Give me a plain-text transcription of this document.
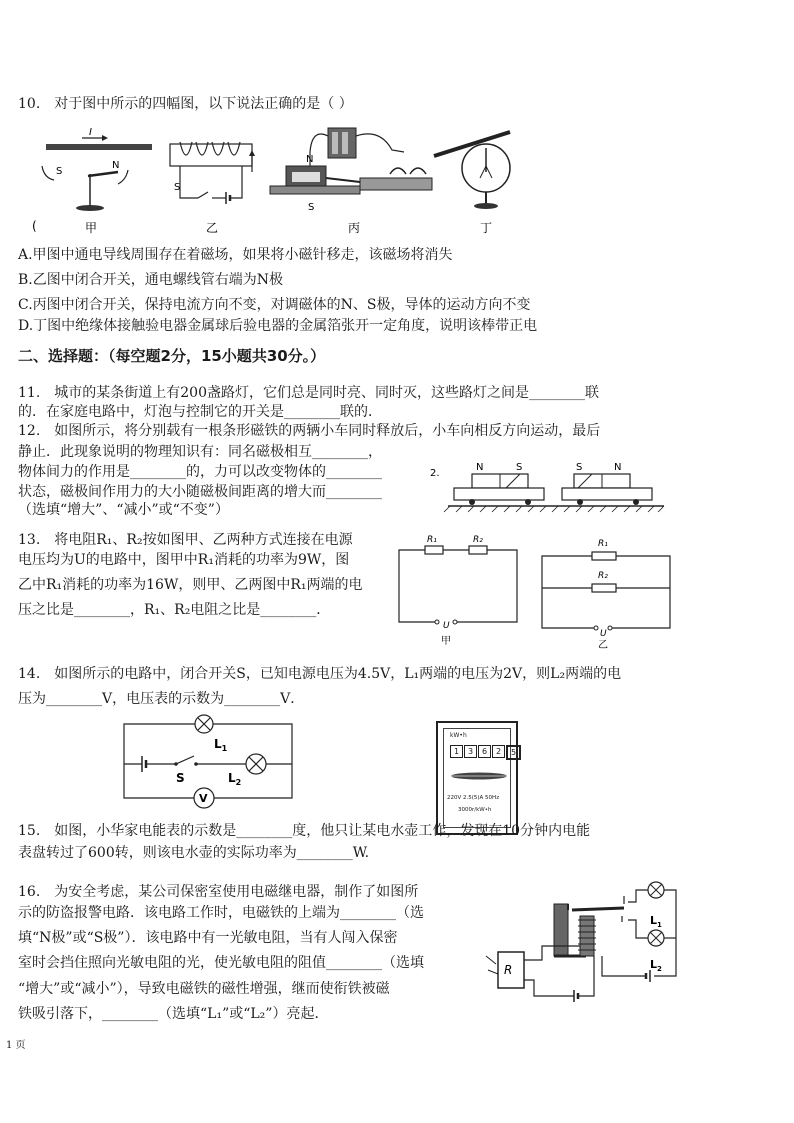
10.　对于图中所示的四幅图，以下说法正确的是（ ）
I
S
N
甲
S
乙
N
S
丙	丁
(
A.甲图中通电导线周围存在着磁场，如果将小磁针移走，该磁场将消失
B.乙图中闭合开关，通电螺线管右端为N极
C.丙图中闭合开关，保持电流方向不变，对调磁体的N、S极，导体的运动方向不变
D.丁图中绝缘体接触验电器金属球后验电器的金属箔张开一定角度，说明该棒带正电
二、选择题：（每空题2分，15小题共30分。）
11.　城市的某条街道上有200盏路灯，它们总是同时亮、同时灭，这些路灯之间是________联
的．在家庭电路中，灯泡与控制它的开关是________联的．
12.　如图所示，将分别载有一根条形磁铁的两辆小车同时释放后，小车向相反方向运动，最后
静止．此现象说明的物理知识有：同名磁极相互________，
物体间力的作用是________的，力可以改变物体的________
状态，磁极间作用力的大小随磁极间距离的增大而________
（选填“增大”、“减小”或“不变”）
2.
N	S	S	N
13.　将电阻R₁、R₂按如图甲、乙两种方式连接在电源
电压均为U的电路中，图甲中R₁消耗的功率为9W，图
乙中R₁消耗的功率为16W，则甲、乙两图中R₁两端的电
压之比是________，R₁、R₂电阻之比是________．
R₁	R₂
U
甲
R₁
R₂
U
乙
14.　如图所示的电路中，闭合开关S，已知电源电压为4.5V，L₁两端的电压为2V，则L₂两端的电
压为________V，电压表的示数为________V．
V
$L_1$
S	$L_2$
kW•h
1	3	6	2	5
220V 2.5(5)A 50Hz
3000r/kW•h
15.　如图，小华家电能表的示数是________度，他只让某电水壶工作，发现在10分钟内电能
表盘转过了600转，则该电水壶的实际功率为________W.
16.　为安全考虑，某公司保密室使用电磁继电器，制作了如图所
示的防盗报警电路．该电路工作时，电磁铁的上端为________（选
填“N极”或“S极”）．该电路中有一光敏电阻，当有人闯入保密
室时会挡住照向光敏电阻的光，使光敏电阻的阻值________（选填
“增大”或“减小”），导致电磁铁的磁性增强，继而使衔铁被磁
铁吸引落下，________（选填“L₁”或“L₂”）亮起．
$L_1$
$L_2$
R
1 页
